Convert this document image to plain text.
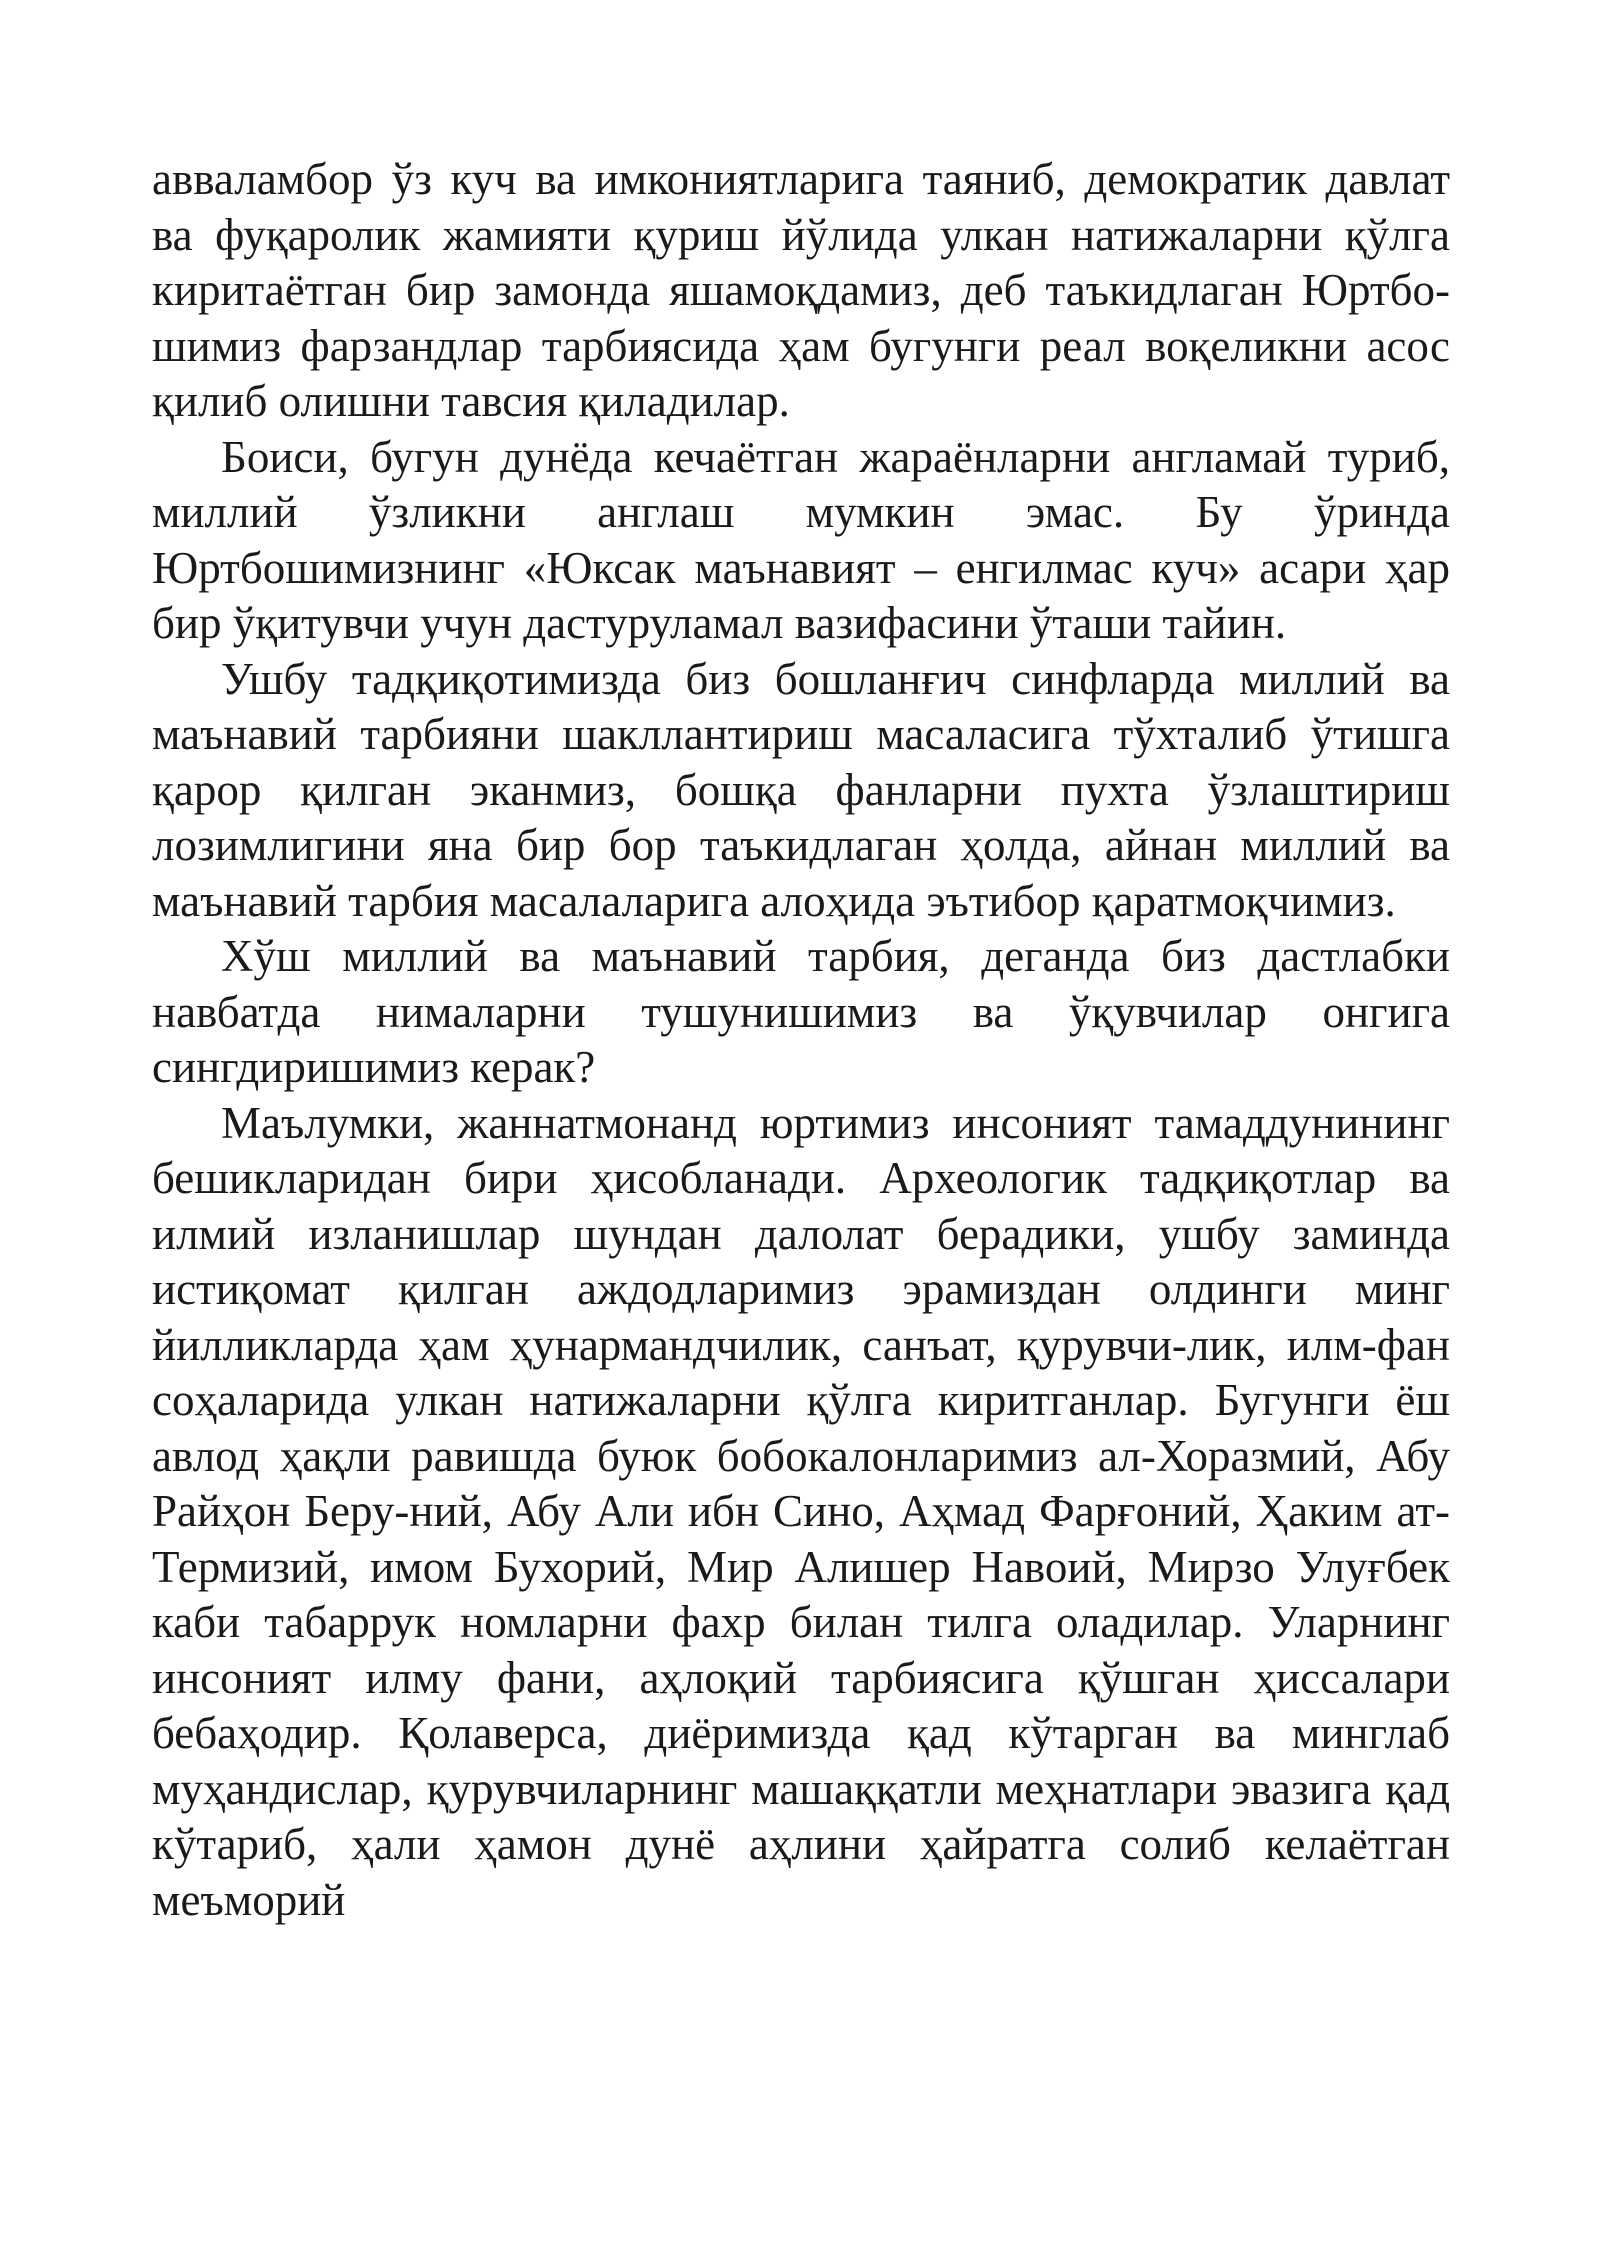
авваламбор ўз куч ва имкониятларига таяниб, демократик давлат ва фуқаролик жамияти қуриш йўлида улкан натижаларни қўлга киритаётган бир замонда яшамоқдамиз, деб таъкидлаган Юртбо-шимиз фарзандлар тарбиясида ҳам бугунги реал воқеликни асос қилиб олишни тавсия қиладилар.

Боиси, бугун дунёда кечаётган жараёнларни англамай туриб, миллий ўзликни англаш мумкин эмас. Бу ўринда Юртбошимизнинг «Юксак маънавият – енгилмас куч» асари ҳар бир ўқитувчи учун дастуруламал вазифасини ўташи тайин.

Ушбу тадқиқотимизда биз бошланғич синфларда миллий ва маънавий тарбияни шакллантириш масаласига тўхталиб ўтишга қарор қилган эканмиз, бошқа фанларни пухта ўзлаштириш лозимлигини яна бир бор таъкидлаган ҳолда, айнан миллий ва маънавий тарбия масалаларига алоҳида эътибор қаратмоқчимиз.

Хўш миллий ва маънавий тарбия, деганда биз дастлабки навбатда нималарни тушунишимиз ва ўқувчилар онгига сингдиришимиз керак?

Маълумки, жаннатмонанд юртимиз инсоният тамаддунининг бешикларидан бири ҳисобланади. Археологик тадқиқотлар ва илмий изланишлар шундан далолат берадики, ушбу заминда истиқомат қилган аждодларимиз эрамиздан олдинги минг йилликларда ҳам ҳунармандчилик, санъат, қурувчи-лик, илм-фан соҳаларида улкан натижаларни қўлга киритганлар. Бугунги ёш авлод ҳақли равишда буюк бобокалонларимиз ал-Хоразмий, Абу Райҳон Беру-ний, Абу Али ибн Сино, Аҳмад Фарғоний, Ҳаким ат-Термизий, имом Бухорий, Мир Алишер Навоий, Мирзо Улуғбек каби табаррук номларни фахр билан тилга оладилар. Уларнинг инсоният илму фани, аҳлоқий тарбиясига қўшган ҳиссалари бебаҳодир. Қолаверса, диёримизда қад кўтарган ва минглаб муҳандислар, қурувчиларнинг машаққатли меҳнатлари эвазига қад кўтариб, ҳали ҳамон дунё аҳлини ҳайратга солиб келаётган меъморий
